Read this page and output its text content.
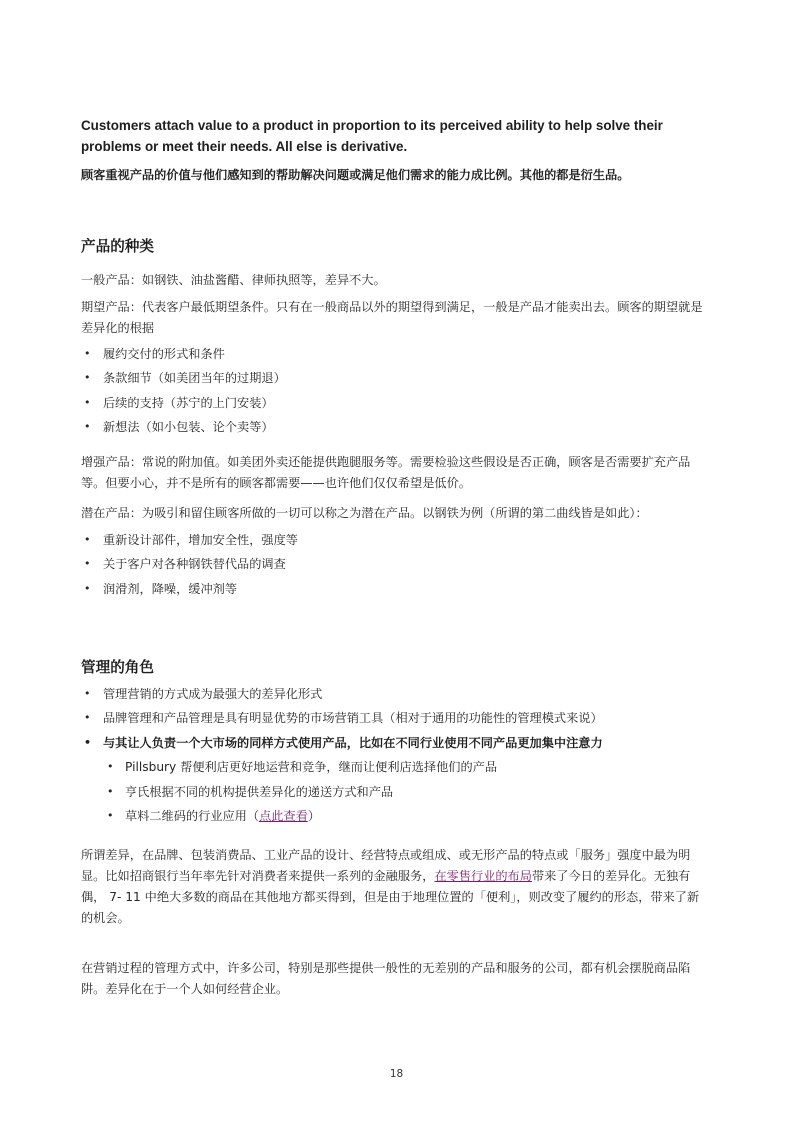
Customers attach value to a product in proportion to its perceived ability to help solve their problems or meet their needs. All else is derivative.
顾客重视产品的价值与他们感知到的帮助解决问题或满足他们需求的能力成比例。其他的都是衍生品。
产品的种类
一般产品：如钢铁、油盐酱醋、律师执照等，差异不大。
期望产品：代表客户最低期望条件。只有在一般商品以外的期望得到满足，一般是产品才能卖出去。顾客的期望就是差异化的根据
• 履约交付的形式和条件
• 条款细节（如美团当年的过期退）
• 后续的支持（苏宁的上门安装）
• 新想法（如小包装、论个卖等）
增强产品：常说的附加值。如美团外卖还能提供跑腿服务等。需要检验这些假设是否正确，顾客是否需要扩充产品等。但要小心，并不是所有的顾客都需要——也许他们仅仅希望是低价。
潜在产品：为吸引和留住顾客所做的一切可以称之为潜在产品。以钢铁为例（所谓的第二曲线皆是如此）：
• 重新设计部件，增加安全性，强度等
• 关于客户对各种钢铁替代品的调查
• 润滑剂，降噪，缓冲剂等
管理的角色
• 管理营销的方式成为最强大的差异化形式
• 品牌管理和产品管理是具有明显优势的市场营销工具（相对于通用的功能性的管理模式来说）
• 与其让人负责一个大市场的同样方式使用产品，比如在不同行业使用不同产品更加集中注意力
• Pillsbury 帮便利店更好地运营和竞争，继而让便利店选择他们的产品
• 亨氏根据不同的机构提供差异化的递送方式和产品
• 草料二维码的行业应用（点此查看）
所谓差异，在品牌、包装消费品、工业产品的设计、经营特点或组成、或无形产品的特点或「服务」强度中最为明显。比如招商银行当年率先针对消费者来提供一系列的金融服务，在零售行业的布局带来了今日的差异化。无独有偶， 7- 11 中绝大多数的商品在其他地方都买得到，但是由于地理位置的「便利」，则改变了履约的形态，带来了新的机会。
在营销过程的管理方式中，许多公司，特别是那些提供一般性的无差别的产品和服务的公司，都有机会摆脱商品陷阱。差异化在于一个人如何经营企业。
18
